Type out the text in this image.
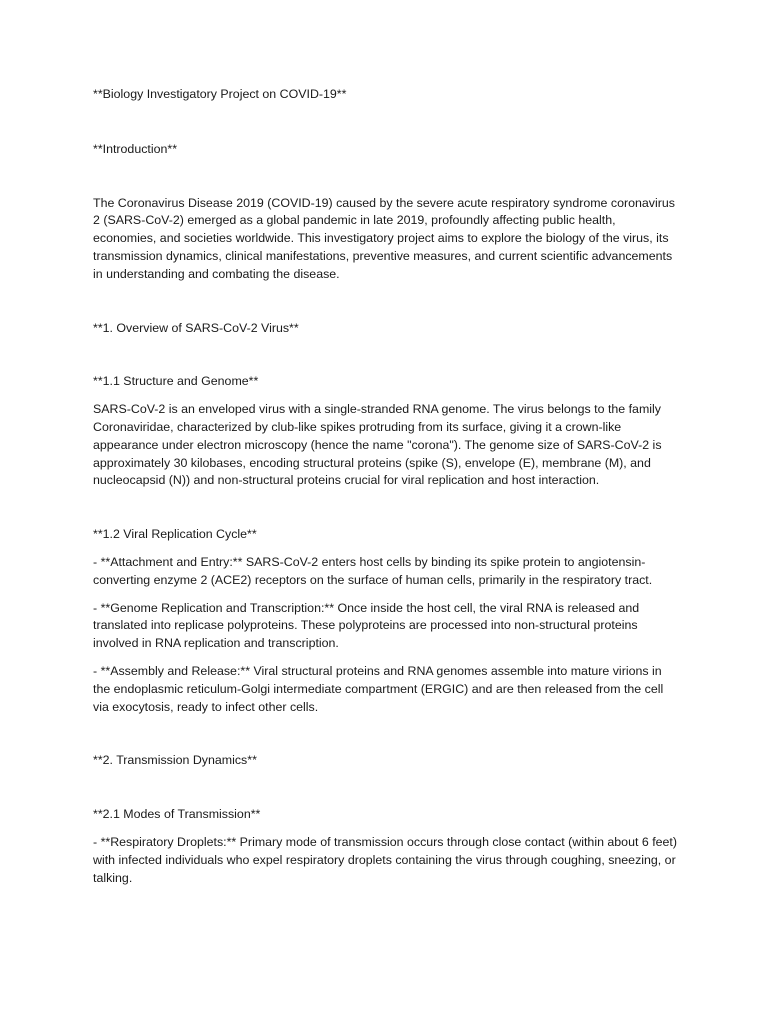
**Biology Investigatory Project on COVID-19**

**Introduction**

The Coronavirus Disease 2019 (COVID-19) caused by the severe acute respiratory syndrome coronavirus 2 (SARS-CoV-2) emerged as a global pandemic in late 2019, profoundly affecting public health, economies, and societies worldwide. This investigatory project aims to explore the biology of the virus, its transmission dynamics, clinical manifestations, preventive measures, and current scientific advancements in understanding and combating the disease.

**1. Overview of SARS-CoV-2 Virus**

**1.1 Structure and Genome**

SARS-CoV-2 is an enveloped virus with a single-stranded RNA genome. The virus belongs to the family Coronaviridae, characterized by club-like spikes protruding from its surface, giving it a crown-like appearance under electron microscopy (hence the name "corona"). The genome size of SARS-CoV-2 is approximately 30 kilobases, encoding structural proteins (spike (S), envelope (E), membrane (M), and nucleocapsid (N)) and non-structural proteins crucial for viral replication and host interaction.

**1.2 Viral Replication Cycle**

- **Attachment and Entry:** SARS-CoV-2 enters host cells by binding its spike protein to angiotensin-converting enzyme 2 (ACE2) receptors on the surface of human cells, primarily in the respiratory tract.

- **Genome Replication and Transcription:** Once inside the host cell, the viral RNA is released and translated into replicase polyproteins. These polyproteins are processed into non-structural proteins involved in RNA replication and transcription.

- **Assembly and Release:** Viral structural proteins and RNA genomes assemble into mature virions in the endoplasmic reticulum-Golgi intermediate compartment (ERGIC) and are then released from the cell via exocytosis, ready to infect other cells.

**2. Transmission Dynamics**

**2.1 Modes of Transmission**

- **Respiratory Droplets:** Primary mode of transmission occurs through close contact (within about 6 feet) with infected individuals who expel respiratory droplets containing the virus through coughing, sneezing, or talking.
